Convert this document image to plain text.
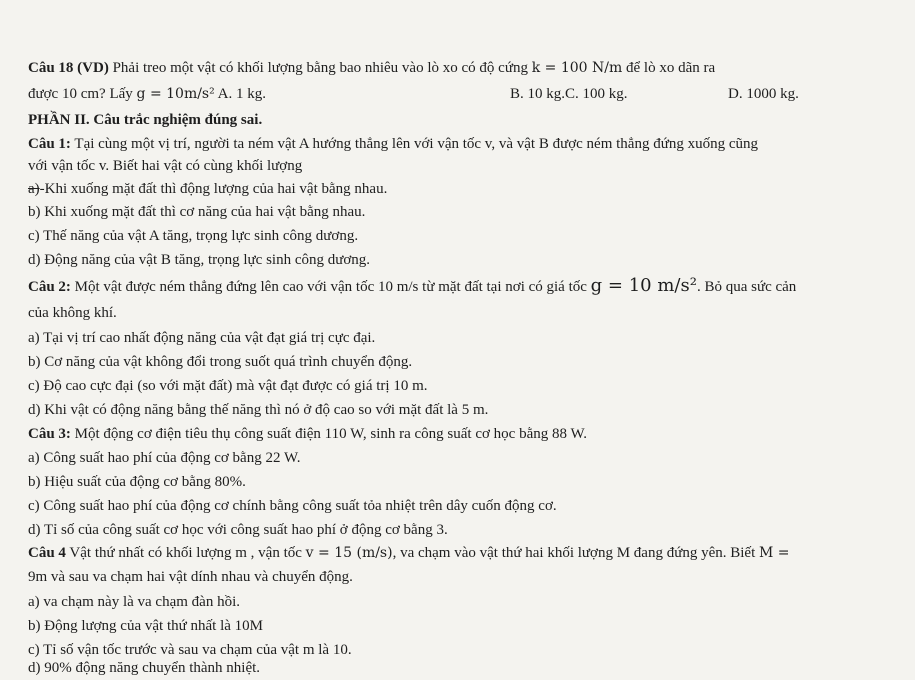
Câu 18 (VD) Phải treo một vật có khối lượng bằng bao nhiêu vào lò xo có độ cứng k = 100 N/m để lò xo dãn ra
được 10 cm? Lấy g = 10m/s² A. 1 kg.	B. 10 kg.C. 100 kg.	D. 1000 kg.
PHẦN II. Câu trắc nghiệm đúng sai.
Câu 1: Tại cùng một vị trí, người ta ném vật A hướng thẳng lên với vận tốc v, và vật B được ném thẳng đứng xuống cũng
với vận tốc v. Biết hai vật có cùng khối lượng
a)-Khi xuống mặt đất thì động lượng của hai vật bằng nhau.
b) Khi xuống mặt đất thì cơ năng của hai vật bằng nhau.
c) Thế năng của vật A tăng, trọng lực sinh công dương.
d) Động năng của vật B tăng, trọng lực sinh công dương.
Câu 2: Một vật được ném thẳng đứng lên cao với vận tốc 10 m/s từ mặt đất tại nơi có giá tốc g = 10 m/s². Bỏ qua sức cản
của không khí.
a) Tại vị trí cao nhất động năng của vật đạt giá trị cực đại.
b) Cơ năng của vật không đổi trong suốt quá trình chuyển động.
c) Độ cao cực đại (so với mặt đất) mà vật đạt được có giá trị 10 m.
d) Khi vật có động năng bằng thế năng thì nó ở độ cao so với mặt đất là 5 m.
Câu 3: Một động cơ điện tiêu thụ công suất điện 110 W, sinh ra công suất cơ học bằng 88 W.
a) Công suất hao phí của động cơ bằng 22 W.
b) Hiệu suất của động cơ bằng 80%.
c) Công suất hao phí của động cơ chính bằng công suất tỏa nhiệt trên dây cuốn động cơ.
d) Tỉ số của công suất cơ học với công suất hao phí ở động cơ bằng 3.
Câu 4 Vật thứ nhất có khối lượng m , vận tốc v = 15 (m/s), va chạm vào vật thứ hai khối lượng M đang đứng yên. Biết M =
9m và sau va chạm hai vật dính nhau và chuyển động.
a) va chạm này là va chạm đàn hồi.
b) Động lượng của vật thứ nhất là 10M
c) Tỉ số vận tốc trước và sau va chạm của vật m là 10.
d) 90% động năng chuyển thành nhiệt.
